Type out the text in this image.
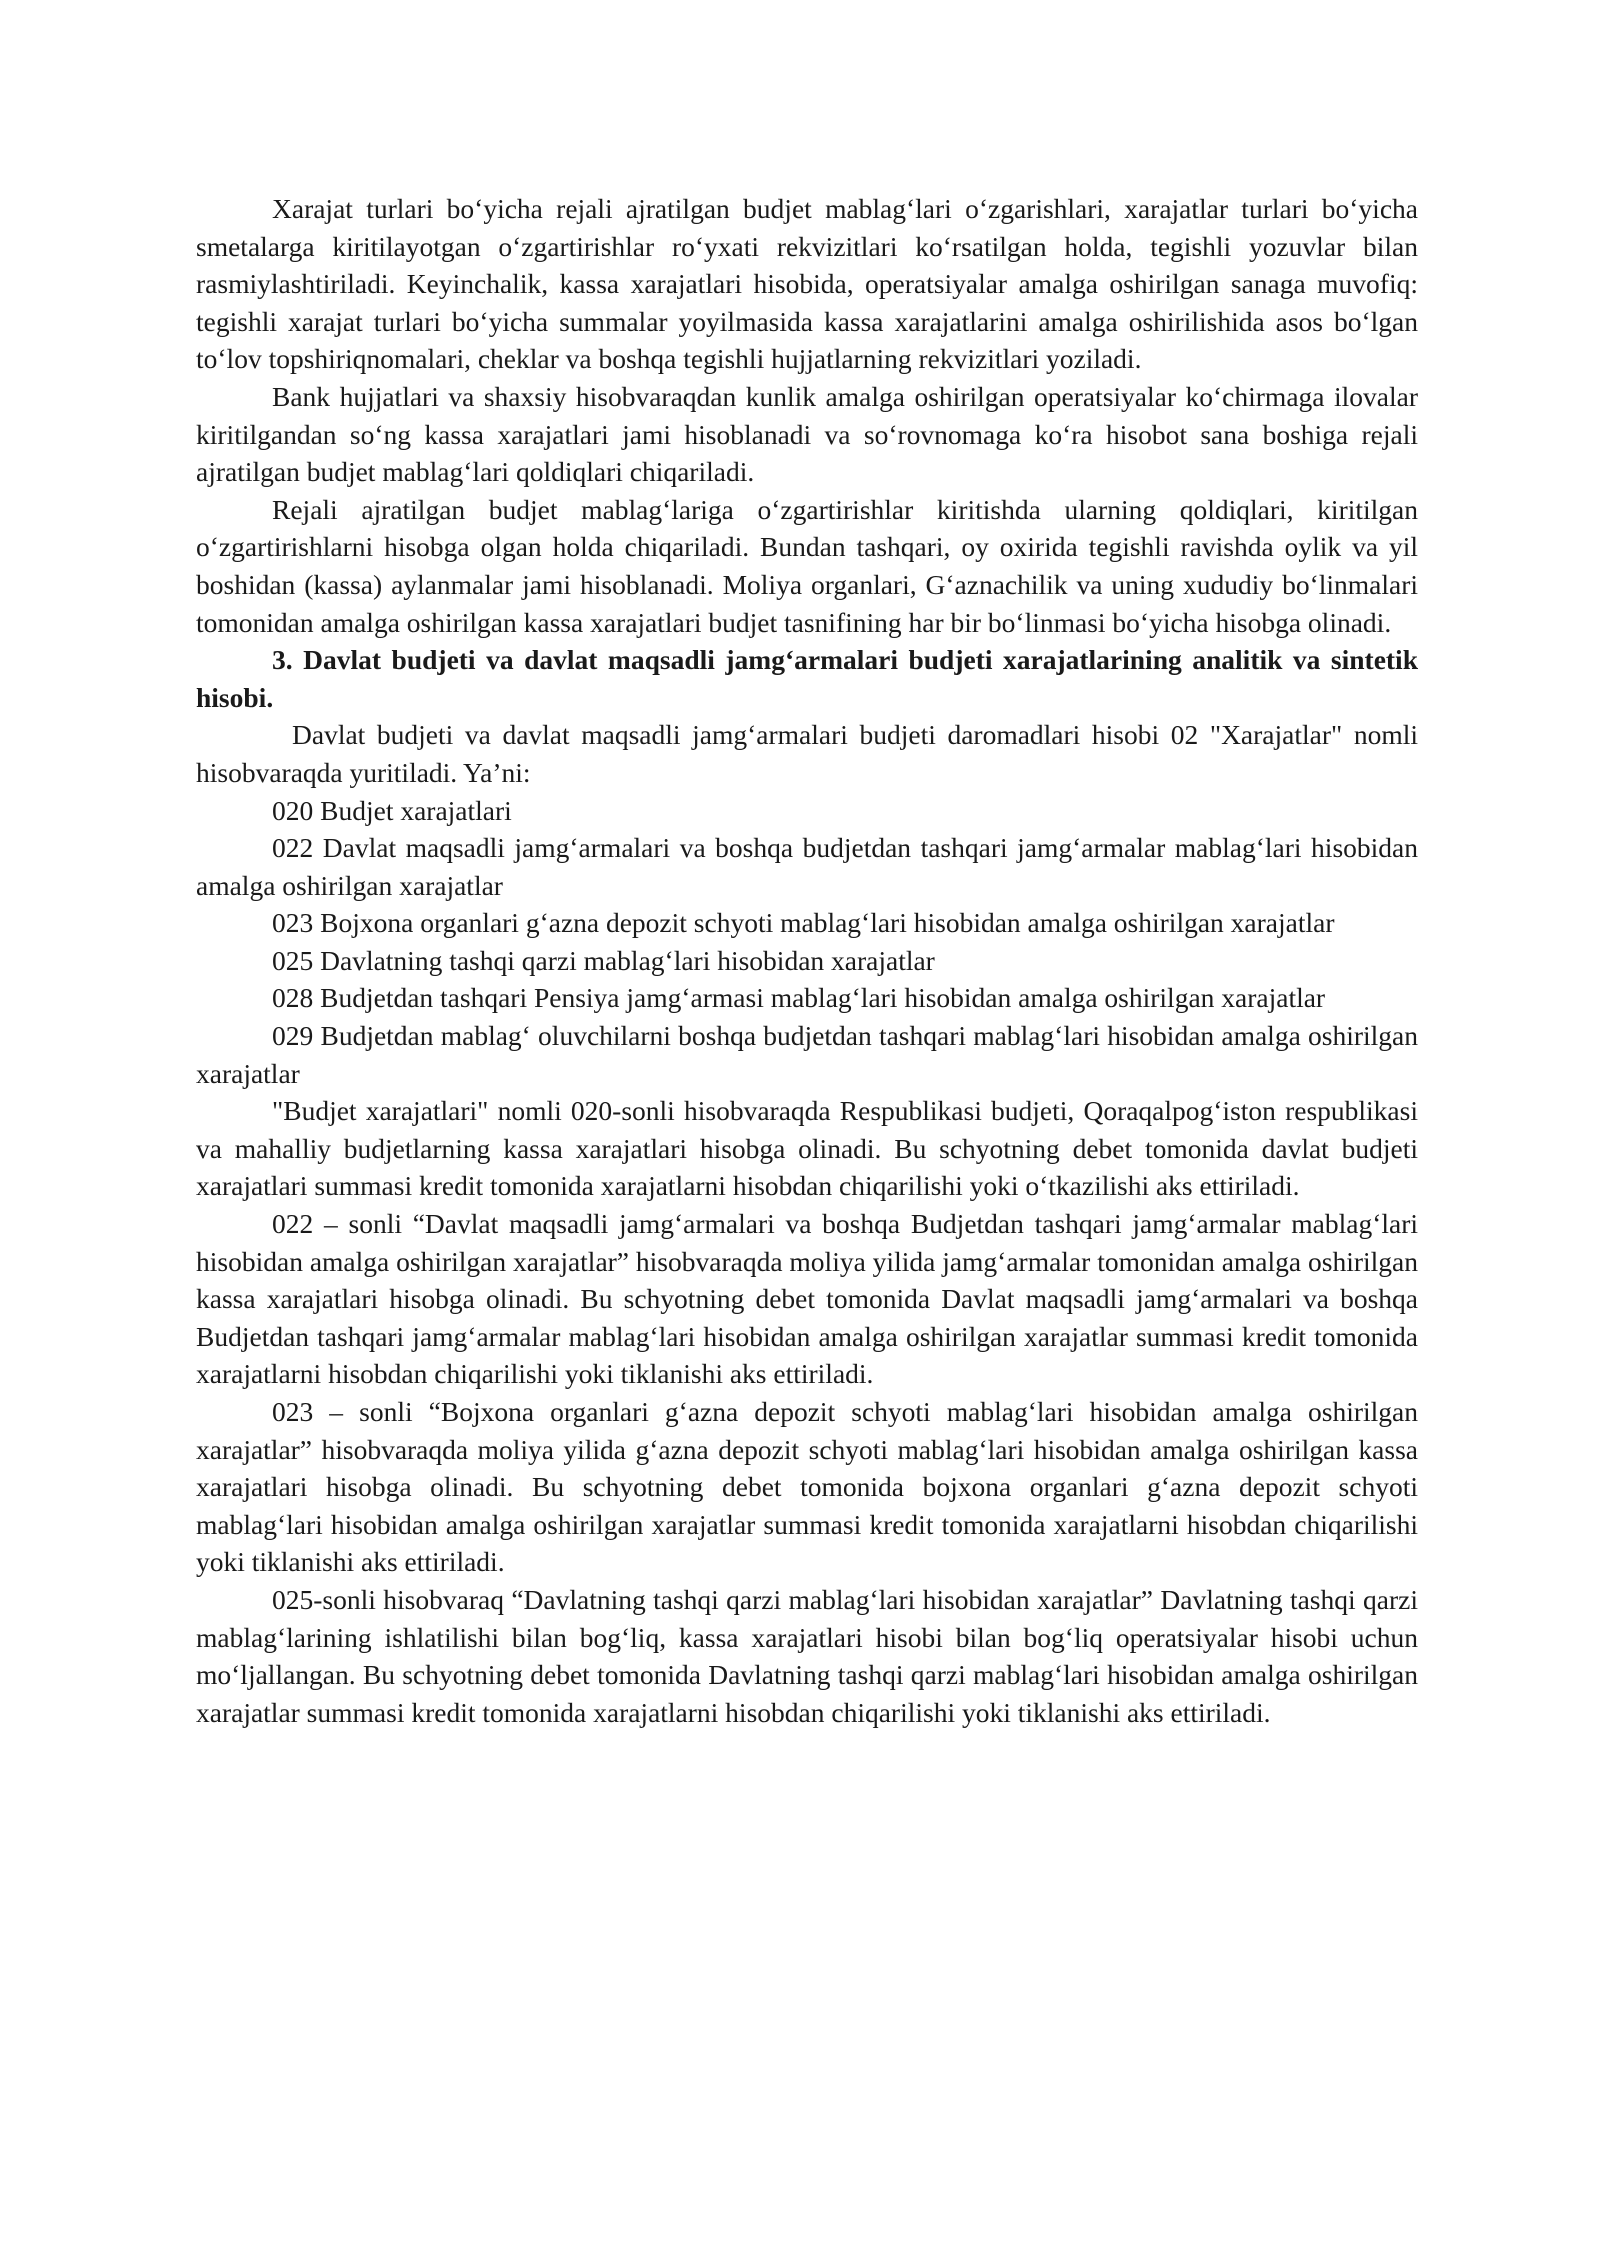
Xarajat turlari bo‘yicha rejali ajratilgan budjet mablag‘lari o‘zgarishlari, xarajatlar turlari bo‘yicha smetalarga kiritilayotgan o‘zgartirishlar ro‘yxati rekvizitlari ko‘rsatilgan holda, tegishli yozuvlar bilan rasmiylashtiriladi. Keyinchalik, kassa xarajatlari hisobida, operatsiyalar amalga oshirilgan sanaga muvofiq: tegishli xarajat turlari bo‘yicha summalar yoyilmasida kassa xarajatlarini amalga oshirilishida asos bo‘lgan to‘lov topshiriqnomalari, cheklar va boshqa tegishli hujjatlarning rekvizitlari yoziladi.

Bank hujjatlari va shaxsiy hisobvaraqdan kunlik amalga oshirilgan operatsiyalar ko‘chirmaga ilovalar kiritilgandan so‘ng kassa xarajatlari jami hisoblanadi va so‘rovnomaga ko‘ra hisobot sana boshiga rejali ajratilgan budjet mablag‘lari qoldiqlari chiqariladi.

Rejali ajratilgan budjet mablag‘lariga o‘zgartirishlar kiritishda ularning qoldiqlari, kiritilgan o‘zgartirishlarni hisobga olgan holda chiqariladi. Bundan tashqari, oy oxirida tegishli ravishda oylik va yil boshidan (kassa) aylanmalar jami hisoblanadi. Moliya organlari, G‘aznachilik va uning xududiy bo‘linmalari tomonidan amalga oshirilgan kassa xarajatlari budjet tasnifining har bir bo‘linmasi bo‘yicha hisobga olinadi.

3. Davlat budjeti va davlat maqsadli jamg‘armalari budjeti xarajatlarining analitik va sintetik hisobi.

Davlat budjeti va davlat maqsadli jamg‘armalari budjeti daromadlari hisobi 02 "Xarajatlar" nomli hisobvaraqda yuritiladi. Ya’ni:

020 Budjet xarajatlari

022 Davlat maqsadli jamg‘armalari va boshqa budjetdan tashqari jamg‘armalar mablag‘lari hisobidan amalga oshirilgan xarajatlar

023 Bojxona organlari g‘azna depozit schyoti mablag‘lari hisobidan amalga oshirilgan xarajatlar

025 Davlatning tashqi qarzi mablag‘lari hisobidan xarajatlar

028 Budjetdan tashqari Pensiya jamg‘armasi mablag‘lari hisobidan amalga oshirilgan xarajatlar

029 Budjetdan mablag‘ oluvchilarni boshqa budjetdan tashqari mablag‘lari hisobidan amalga oshirilgan xarajatlar

"Budjet xarajatlari" nomli 020-sonli hisobvaraqda Respublikasi budjeti, Qoraqalpog‘iston respublikasi va mahalliy budjetlarning kassa xarajatlari hisobga olinadi. Bu schyotning debet tomonida davlat budjeti xarajatlari summasi kredit tomonida xarajatlarni hisobdan chiqarilishi yoki o‘tkazilishi aks ettiriladi.

022 – sonli “Davlat maqsadli jamg‘armalari va boshqa Budjetdan tashqari jamg‘armalar mablag‘lari hisobidan amalga oshirilgan xarajatlar” hisobvaraqda moliya yilida jamg‘armalar tomonidan amalga oshirilgan kassa xarajatlari hisobga olinadi. Bu schyotning debet tomonida Davlat maqsadli jamg‘armalari va boshqa Budjetdan tashqari jamg‘armalar mablag‘lari hisobidan amalga oshirilgan xarajatlar summasi kredit tomonida xarajatlarni hisobdan chiqarilishi yoki tiklanishi aks ettiriladi.

023 – sonli “Bojxona organlari g‘azna depozit schyoti mablag‘lari hisobidan amalga oshirilgan xarajatlar” hisobvaraqda moliya yilida g‘azna depozit schyoti mablag‘lari hisobidan amalga oshirilgan kassa xarajatlari hisobga olinadi. Bu schyotning debet tomonida bojxona organlari g‘azna depozit schyoti mablag‘lari hisobidan amalga oshirilgan xarajatlar summasi kredit tomonida xarajatlarni hisobdan chiqarilishi yoki tiklanishi aks ettiriladi.

025-sonli hisobvaraq “Davlatning tashqi qarzi mablag‘lari hisobidan xarajatlar” Davlatning tashqi qarzi mablag‘larining ishlatilishi bilan bog‘liq, kassa xarajatlari hisobi bilan bog‘liq operatsiyalar hisobi uchun mo‘ljallangan. Bu schyotning debet tomonida Davlatning tashqi qarzi mablag‘lari hisobidan amalga oshirilgan xarajatlar summasi kredit tomonida xarajatlarni hisobdan chiqarilishi yoki tiklanishi aks ettiriladi.
